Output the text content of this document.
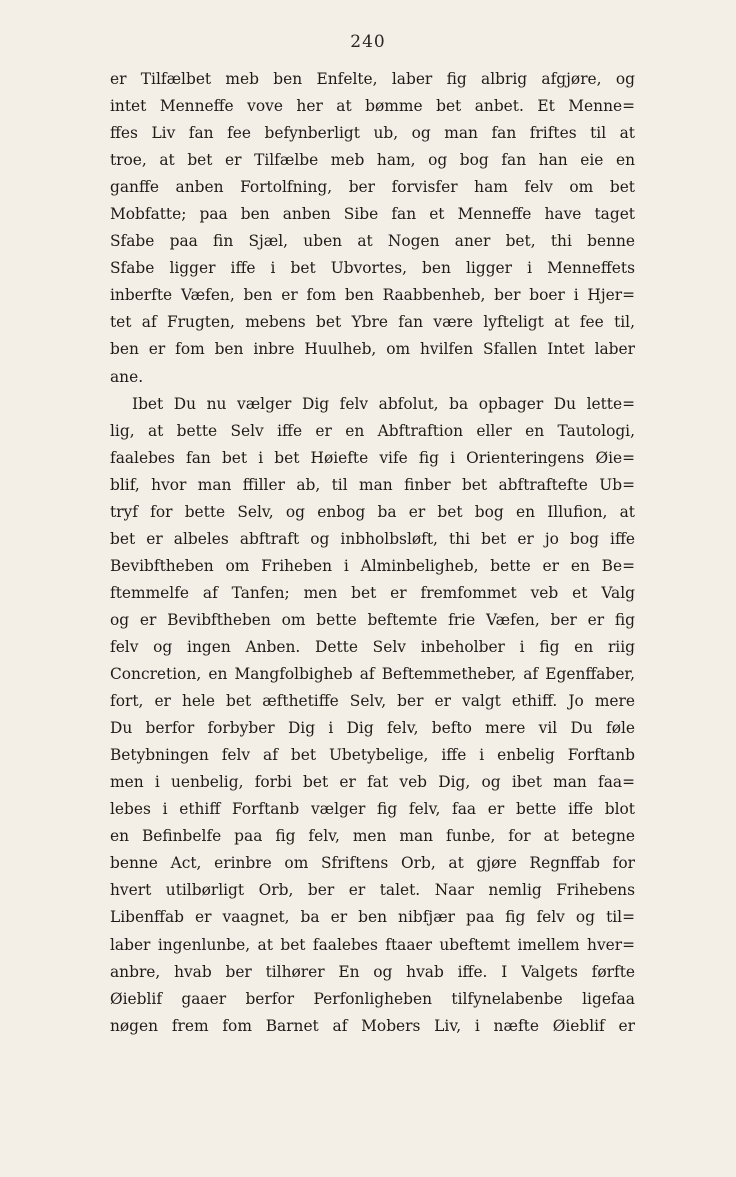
240
er Tilfælbet meb ben Enfelte, laber fig albrig afgjøre, og
intet Menneffe vove her at bømme bet anbet. Et Menne=
ffes Liv fan fee befynberligt ub, og man fan friftes til at
troe, at bet er Tilfælbe meb ham, og bog fan han eie en
ganffe anben Fortolfning, ber forvisfer ham felv om bet
Mobfatte; paa ben anben Sibe fan et Menneffe have taget
Sfabe paa fin Sjæl, uben at Nogen aner bet, thi benne
Sfabe ligger iffe i bet Ubvortes, ben ligger i Menneffets
inberfte Væfen, ben er fom ben Raabbenheb, ber boer i Hjer=
tet af Frugten, mebens bet Ybre fan være lyfteligt at fee til,
ben er fom ben inbre Huulheb, om hvilfen Sfallen Intet laber
ane.
Ibet Du nu vælger Dig felv abfolut, ba opbager Du lette=
lig, at bette Selv iffe er en Abftraftion eller en Tautologi,
faalebes fan bet i bet Høiefte vife fig i Orienteringens Øie=
blif, hvor man ffiller ab, til man finber bet abftraftefte Ub=
tryf for bette Selv, og enbog ba er bet bog en Illufion, at
bet er albeles abftraft og inbholbsløft, thi bet er jo bog iffe
Bevibftheben om Friheben i Alminbeligheb, bette er en Be=
ftemmelfe af Tanfen; men bet er fremfommet veb et Valg
og er Bevibftheben om bette beftemte frie Væfen, ber er fig
felv og ingen Anben. Dette Selv inbeholber i fig en riig
Concretion, en Mangfolbigheb af Beftemmetheber, af Egenffaber,
fort, er hele bet æfthetiffe Selv, ber er valgt ethiff. Jo mere
Du berfor forbyber Dig i Dig felv, befto mere vil Du føle
Betybningen felv af bet Ubetybelige, iffe i enbelig Forftanb
men i uenbelig, forbi bet er fat veb Dig, og ibet man faa=
lebes i ethiff Forftanb vælger fig felv, faa er bette iffe blot
en Befinbelfe paa fig felv, men man funbe, for at betegne
benne Act, erinbre om Sfriftens Orb, at gjøre Regnffab for
hvert utilbørligt Orb, ber er talet. Naar nemlig Frihebens
Libenffab er vaagnet, ba er ben nibfjær paa fig felv og til=
laber ingenlunbe, at bet faalebes ftaaer ubeftemt imellem hver=
anbre, hvab ber tilhører En og hvab iffe. I Valgets førfte
Øieblif gaaer berfor Perfonligheben tilfynelabenbe ligefaa
nøgen frem fom Barnet af Mobers Liv, i næfte Øieblif er
